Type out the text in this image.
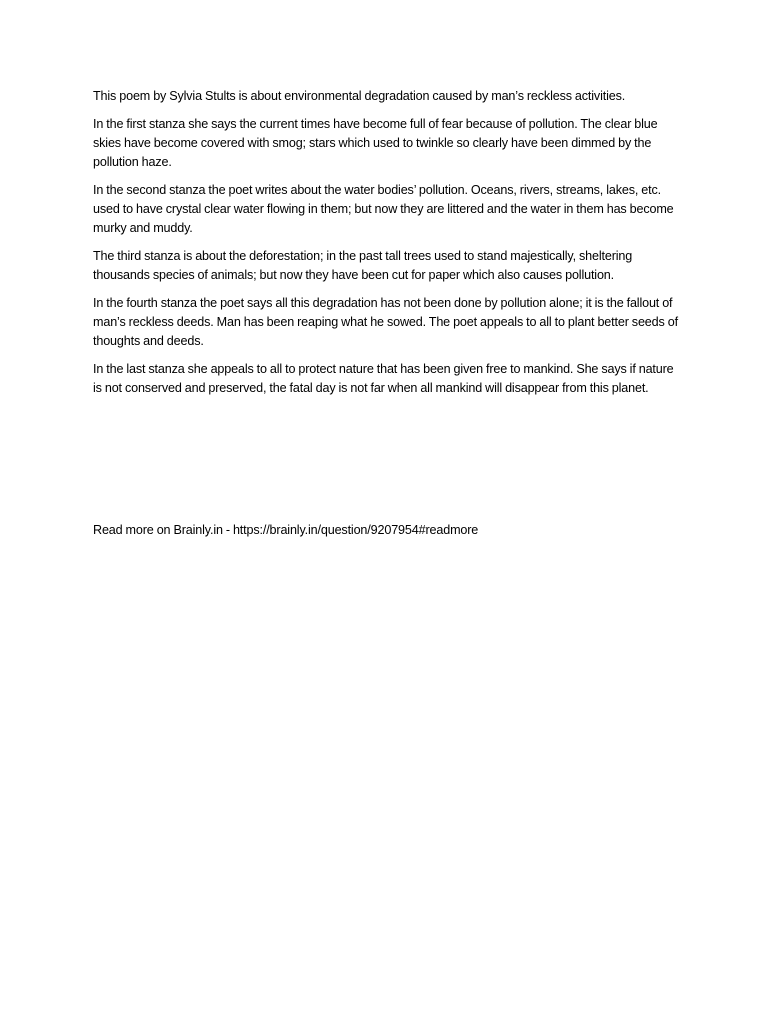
This poem by Sylvia Stults is about environmental degradation caused by man’s reckless activities.

In the first stanza she says the current times have become full of fear because of pollution. The clear blue skies have become covered with smog; stars which used to twinkle so clearly have been dimmed by the pollution haze.

In the second stanza the poet writes about the water bodies’ pollution. Oceans, rivers, streams, lakes, etc. used to have crystal clear water flowing in them; but now they are littered and the water in them has become murky and muddy.

The third stanza is about the deforestation; in the past tall trees used to stand majestically, sheltering thousands species of animals; but now they have been cut for paper which also causes pollution.

In the fourth stanza the poet says all this degradation has not been done by pollution alone; it is the fallout of man’s reckless deeds. Man has been reaping what he sowed. The poet appeals to all to plant better seeds of thoughts and deeds.

In the last stanza she appeals to all to protect nature that has been given free to mankind. She says if nature is not conserved and preserved, the fatal day is not far when all mankind will disappear from this planet.

Read more on Brainly.in - https://brainly.in/question/9207954#readmore
